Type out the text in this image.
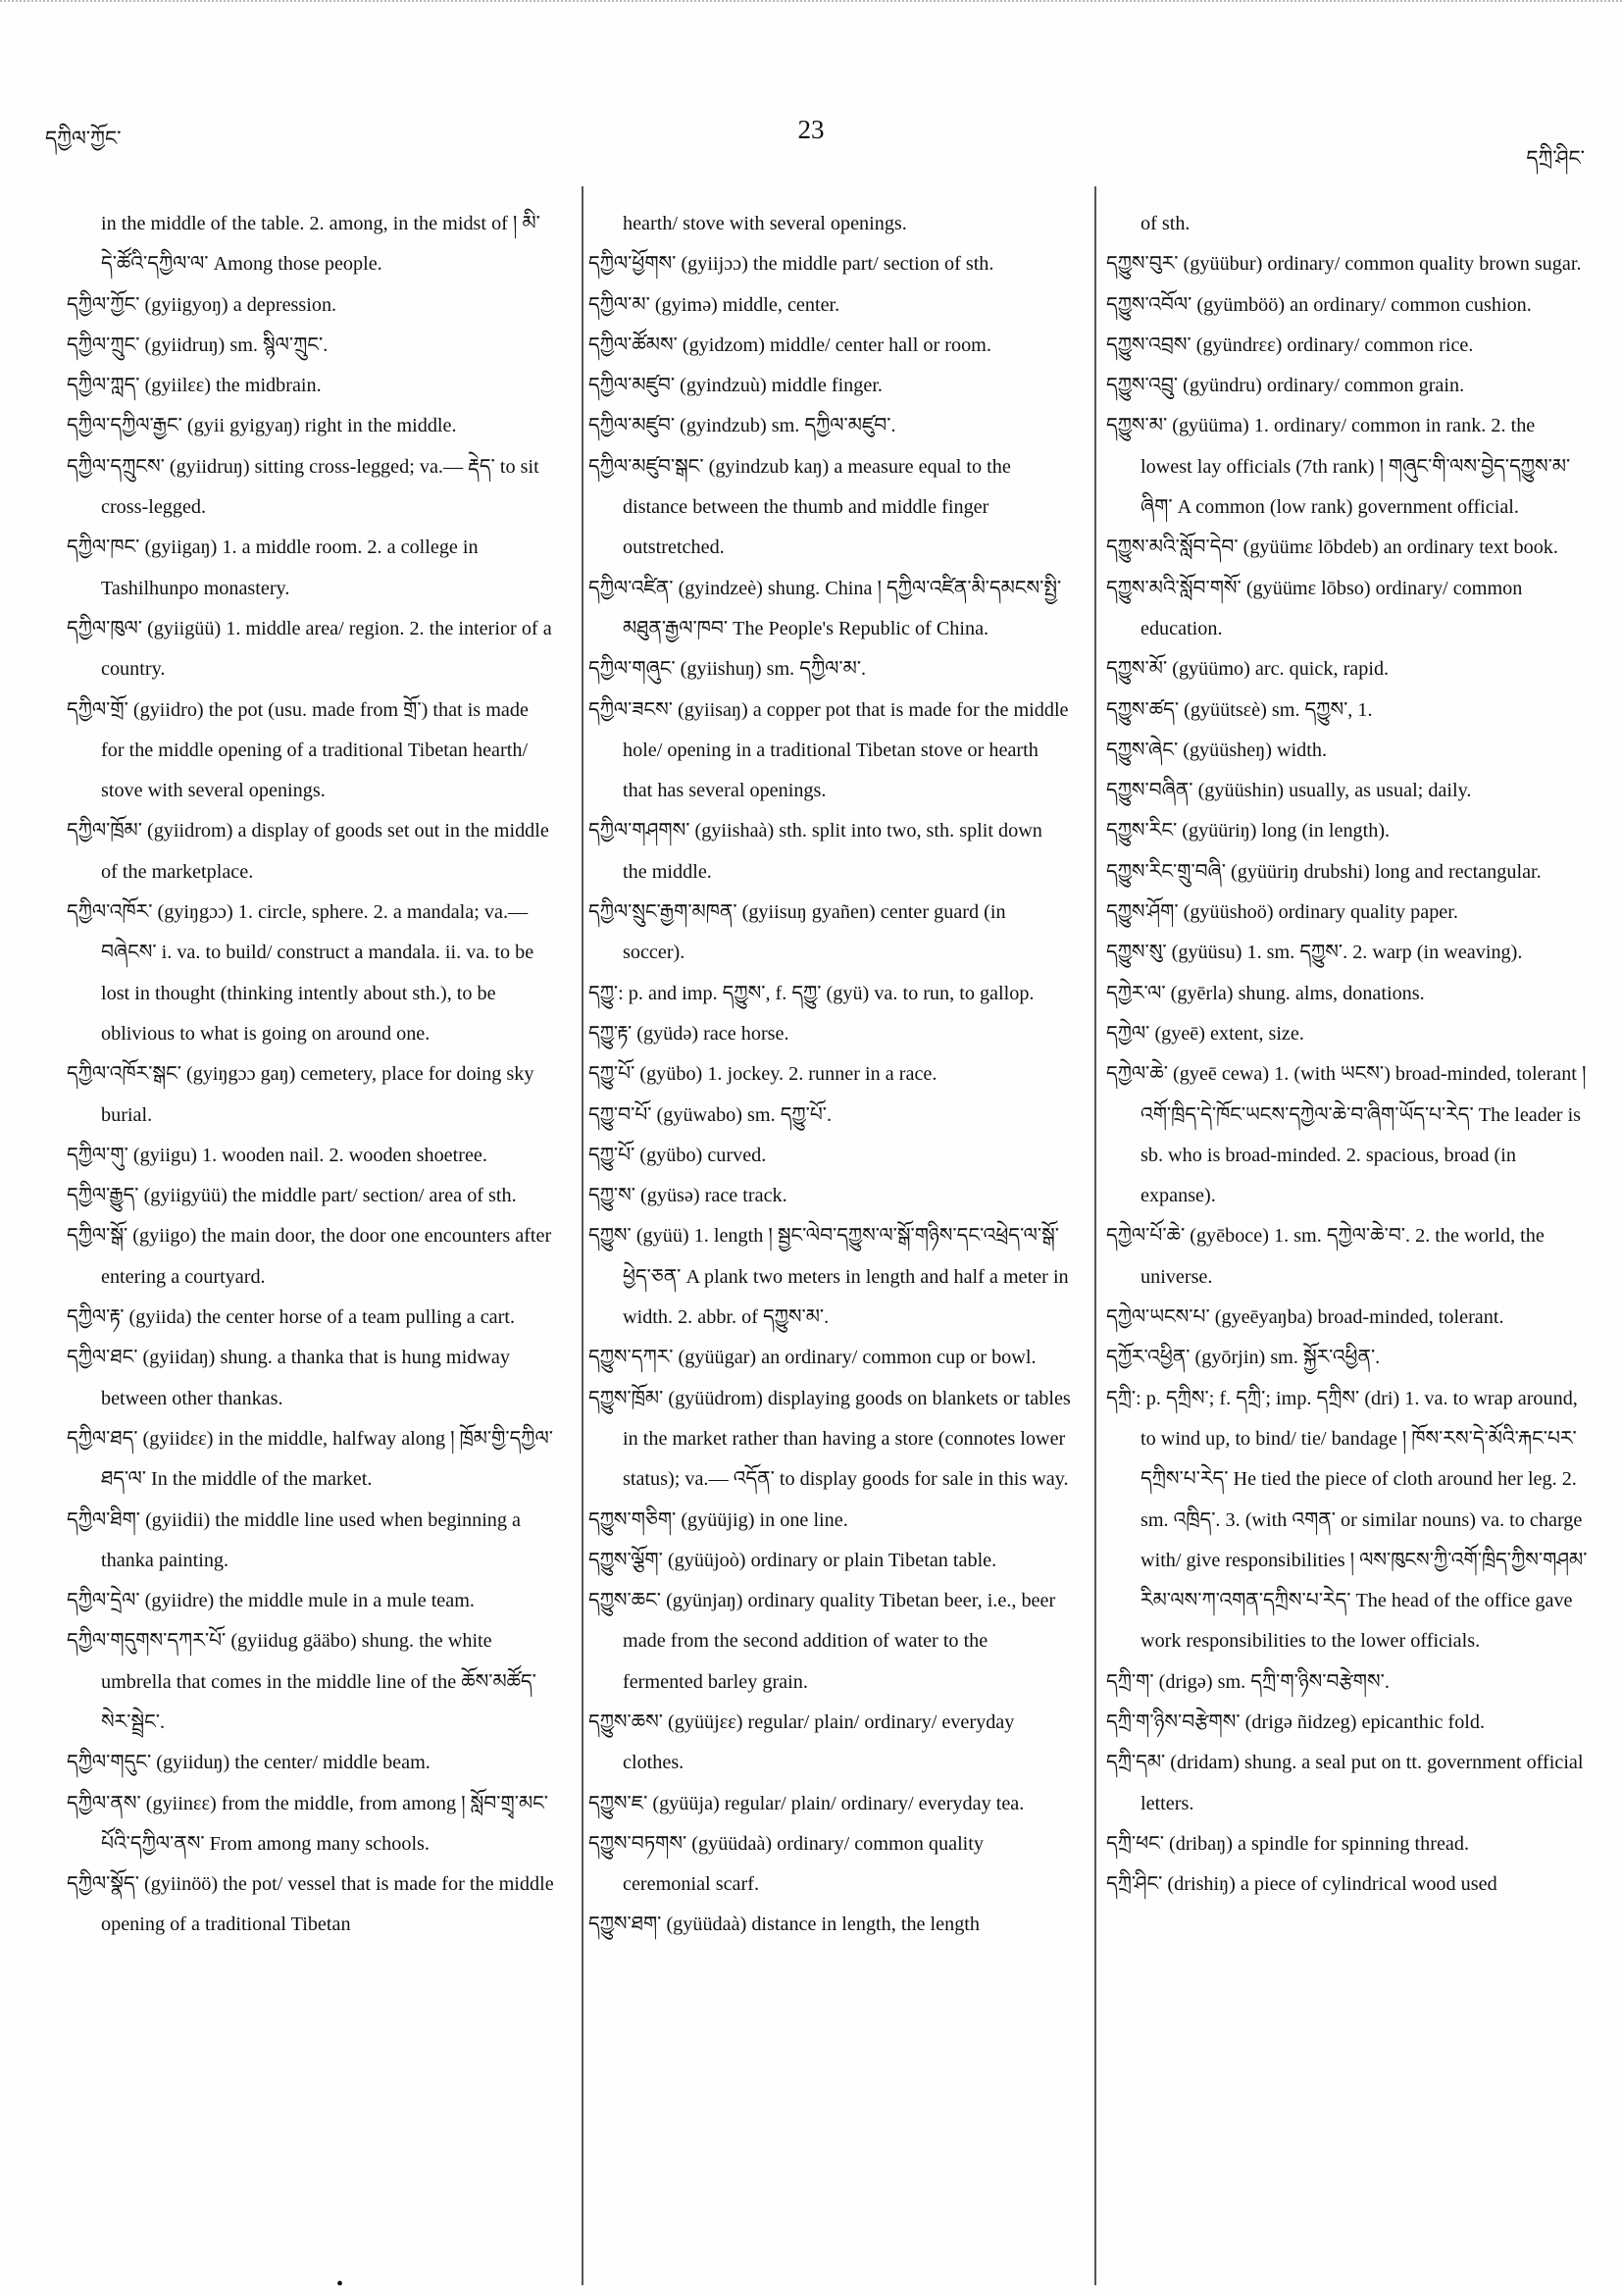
དཀྱིལ་ཀྱོང་	23
དཀྲི་ཤིང་

in the middle of the table. 2. among, in the midst of ། མི་དེ་ཚོའི་དཀྱིལ་ལ་ Among those people.

དཀྱིལ་ཀྱོང་ (gyiigyoŋ) a depression.

དཀྱིལ་ཀྲུང་ (gyiidruŋ) sm. སྙིལ་ཀྲུང་.

དཀྱིལ་ཀླད་ (gyiilεε) the midbrain.

དཀྱིལ་དཀྱིལ་རྒྱང་ (gyii gyigyaŋ) right in the middle.

དཀྱིལ་དཀྲུངས་ (gyiidruŋ) sitting cross-legged; va.— རྡེད་ to sit cross-legged.

དཀྱིལ་ཁང་ (gyiigaŋ) 1. a middle room. 2. a college in Tashilhunpo monastery.

དཀྱིལ་ཁུལ་ (gyiigüü) 1. middle area/ region. 2. the interior of a country.

དཀྱིལ་གྲོ་ (gyiidro) the pot (usu. made from གྲོ་) that is made for the middle opening of a traditional Tibetan hearth/ stove with several openings.

དཀྱིལ་ཁྲོམ་ (gyiidrom) a display of goods set out in the middle of the marketplace.

དཀྱིལ་འཁོར་ (gyiŋgɔɔ) 1. circle, sphere. 2. a mandala; va.—བཞེངས་ i. va. to build/ construct a mandala. ii. va. to be lost in thought (thinking intently about sth.), to be oblivious to what is going on around one.

དཀྱིལ་འཁོར་སྒང་ (gyiŋgɔɔ gaŋ) cemetery, place for doing sky burial.

དཀྱིལ་གུ་ (gyiigu) 1. wooden nail. 2. wooden shoetree.

དཀྱིལ་རྒྱུད་ (gyiigyüü) the middle part/ section/ area of sth.

དཀྱིལ་སྒོ་ (gyiigo) the main door, the door one encounters after entering a courtyard.

དཀྱིལ་རྟ་ (gyiida) the center horse of a team pulling a cart.

དཀྱིལ་ཐང་ (gyiidaŋ) shung. a thanka that is hung midway between other thankas.

དཀྱིལ་ཐད་ (gyiidεε) in the middle, halfway along ། ཁྲོམ་གྱི་དཀྱིལ་ཐད་ལ་ In the middle of the market.

དཀྱིལ་ཐིག་ (gyiidii) the middle line used when beginning a thanka painting.

དཀྱིལ་དྲེལ་ (gyiidre) the middle mule in a mule team.

དཀྱིལ་གདུགས་དཀར་པོ་ (gyiidug gääbo) shung. the white umbrella that comes in the middle line of the ཆོས་མཚོད་སེར་སྦྲེང་.

དཀྱིལ་གདུང་ (gyiiduŋ) the center/ middle beam.

དཀྱིལ་ནས་ (gyiinεε) from the middle, from among ། སློབ་གྲྭ་མང་པོའི་དཀྱིལ་ནས་ From among many schools.

དཀྱིལ་སྣོད་ (gyiinöö) the pot/ vessel that is made for the middle opening of a traditional Tibetan

hearth/ stove with several openings.

དཀྱིལ་ཕྱོགས་ (gyiijɔɔ) the middle part/ section of sth.

དཀྱིལ་མ་ (gyimə) middle, center.

དཀྱིལ་ཚོམས་ (gyidzom) middle/ center hall or room.

དཀྱིལ་མཛུབ་ (gyindzuù) middle finger.

དཀྱིལ་མཛུབ་ (gyindzub) sm. དཀྱིལ་མཛུབ་.

དཀྱིལ་མཛུབ་སྒང་ (gyindzub kaŋ) a measure equal to the distance between the thumb and middle finger outstretched.

དཀྱིལ་འཛིན་ (gyindzeè) shung. China ། དཀྱིལ་འཛིན་མི་དམངས་སྤྱི་མཐུན་རྒྱལ་ཁབ་ The People's Republic of China.

དཀྱིལ་གཞུང་ (gyiishuŋ) sm. དཀྱིལ་མ་.

དཀྱིལ་ཟངས་ (gyiisaŋ) a copper pot that is made for the middle hole/ opening in a traditional Tibetan stove or hearth that has several openings.

དཀྱིལ་གཤགས་ (gyiishaà) sth. split into two, sth. split down the middle.

དཀྱིལ་སྲུང་རྒྱག་མཁན་ (gyiisuŋ gyañen) center guard (in soccer).

དཀྱུ་: p. and imp. དཀྱུས་, f. དཀྱུ་ (gyü) va. to run, to gallop.

དཀྱུ་རྟ་ (gyüdə) race horse.

དཀྱུ་པོ་ (gyübo) 1. jockey. 2. runner in a race.

དཀྱུ་བ་པོ་ (gyüwabo) sm. དཀྱུ་པོ་.

དཀྱུ་པོ་ (gyübo) curved.

དཀྱུ་ས་ (gyüsə) race track.

དཀྱུས་ (gyüü) 1. length ། སྦྱང་ལེབ་དཀྱུས་ལ་སྒོ་གཉིས་དང་འཕྲེད་ལ་སྒོ་ཕྱེད་ཅན་ A plank two meters in length and half a meter in width. 2. abbr. of དཀྱུས་མ་.

དཀྱུས་དཀར་ (gyüügar) an ordinary/ common cup or bowl.

དཀྱུས་ཁྲོམ་ (gyüüdrom) displaying goods on blankets or tables in the market rather than having a store (connotes lower status); va.— འདོན་ to display goods for sale in this way.

དཀྱུས་གཅིག་ (gyüüjig) in one line.

དཀྱུས་ལྕོག་ (gyüüjoò) ordinary or plain Tibetan table.

དཀྱུས་ཆང་ (gyünjaŋ) ordinary quality Tibetan beer, i.e., beer made from the second addition of water to the fermented barley grain.

དཀྱུས་ཆས་ (gyüüjεε) regular/ plain/ ordinary/ everyday clothes.

དཀྱུས་ཇ་ (gyüüja) regular/ plain/ ordinary/ everyday tea.

དཀྱུས་བཏགས་ (gyüüdaà) ordinary/ common quality ceremonial scarf.

དཀྱུས་ཐག་ (gyüüdaà) distance in length, the length

of sth.

དཀྱུས་བུར་ (gyüübur) ordinary/ common quality brown sugar.

དཀྱུས་འབོལ་ (gyümböö) an ordinary/ common cushion.

དཀྱུས་འབྲས་ (gyündrεε) ordinary/ common rice.

དཀྱུས་འབྲུ་ (gyündru) ordinary/ common grain.

དཀྱུས་མ་ (gyüüma) 1. ordinary/ common in rank. 2. the lowest lay officials (7th rank) ། གཞུང་གི་ལས་བྱེད་དཀྱུས་མ་ཞིག་ A common (low rank) government official.

དཀྱུས་མའི་སློབ་དེབ་ (gyüümε lōbdeb) an ordinary text book.

དཀྱུས་མའི་སློབ་གསོ་ (gyüümε lōbso) ordinary/ common education.

དཀྱུས་མོ་ (gyüümo) arc. quick, rapid.

དཀྱུས་ཚད་ (gyüütsεè) sm. དཀྱུས་, 1.

དཀྱུས་ཞེང་ (gyüüsheŋ) width.

དཀྱུས་བཞིན་ (gyüüshin) usually, as usual; daily.

དཀྱུས་རིང་ (gyüüriŋ) long (in length).

དཀྱུས་རིང་གྲུ་བཞི་ (gyüüriŋ drubshi) long and rectangular.

དཀྱུས་ཤོག་ (gyüüshoö) ordinary quality paper.

དཀྱུས་སུ་ (gyüüsu) 1. sm. དཀྱུས་. 2. warp (in weaving).

དཀྱེར་ལ་ (gyērla) shung. alms, donations.

དཀྱེལ་ (gyeē) extent, size.

དཀྱེལ་ཆེ་ (gyeē cewa) 1. (with ཡངས་) broad-minded, tolerant ། འགོ་ཁྲིད་དེ་ཁོང་ཡངས་དཀྱེལ་ཆེ་བ་ཞིག་ཡོད་པ་རེད་ The leader is sb. who is broad-minded. 2. spacious, broad (in expanse).

དཀྱེལ་པོ་ཆེ་ (gyēboce) 1. sm. དཀྱེལ་ཆེ་བ་. 2. the world, the universe.

དཀྱེལ་ཡངས་པ་ (gyeēyaŋba) broad-minded, tolerant.

དཀྱོར་འཕྱིན་ (gyōrjin) sm. སྐྱོར་འཕྱིན་.

དཀྲི་: p. དཀྲིས་; f. དཀྲི་; imp. དཀྲིས་ (dri) 1. va. to wrap around, to wind up, to bind/ tie/ bandage ། ཁོས་རས་དེ་མོའི་རྐང་པར་དཀྲིས་པ་རེད་ He tied the piece of cloth around her leg. 2. sm. འཁྲིད་. 3. (with འགན་ or similar nouns) va. to charge with/ give responsibilities ། ལས་ཁུངས་ཀྱི་འགོ་ཁྲིད་ཀྱིས་གཤམ་རིམ་ལས་ཀ་འགན་དཀྲིས་པ་རེད་ The head of the office gave work responsibilities to the lower officials.

དཀྲི་ག་ (drigə) sm. དཀྲི་ག་ཉིས་བརྩེགས་.

དཀྲི་ག་ཉིས་བརྩེགས་ (drigə ñidzeg) epicanthic fold.

དཀྲི་དམ་ (dridam) shung. a seal put on tt. government official letters.

དཀྲི་ཕང་ (dribaŋ) a spindle for spinning thread.

དཀྲི་ཤིང་ (drishiŋ) a piece of cylindrical wood used

•
